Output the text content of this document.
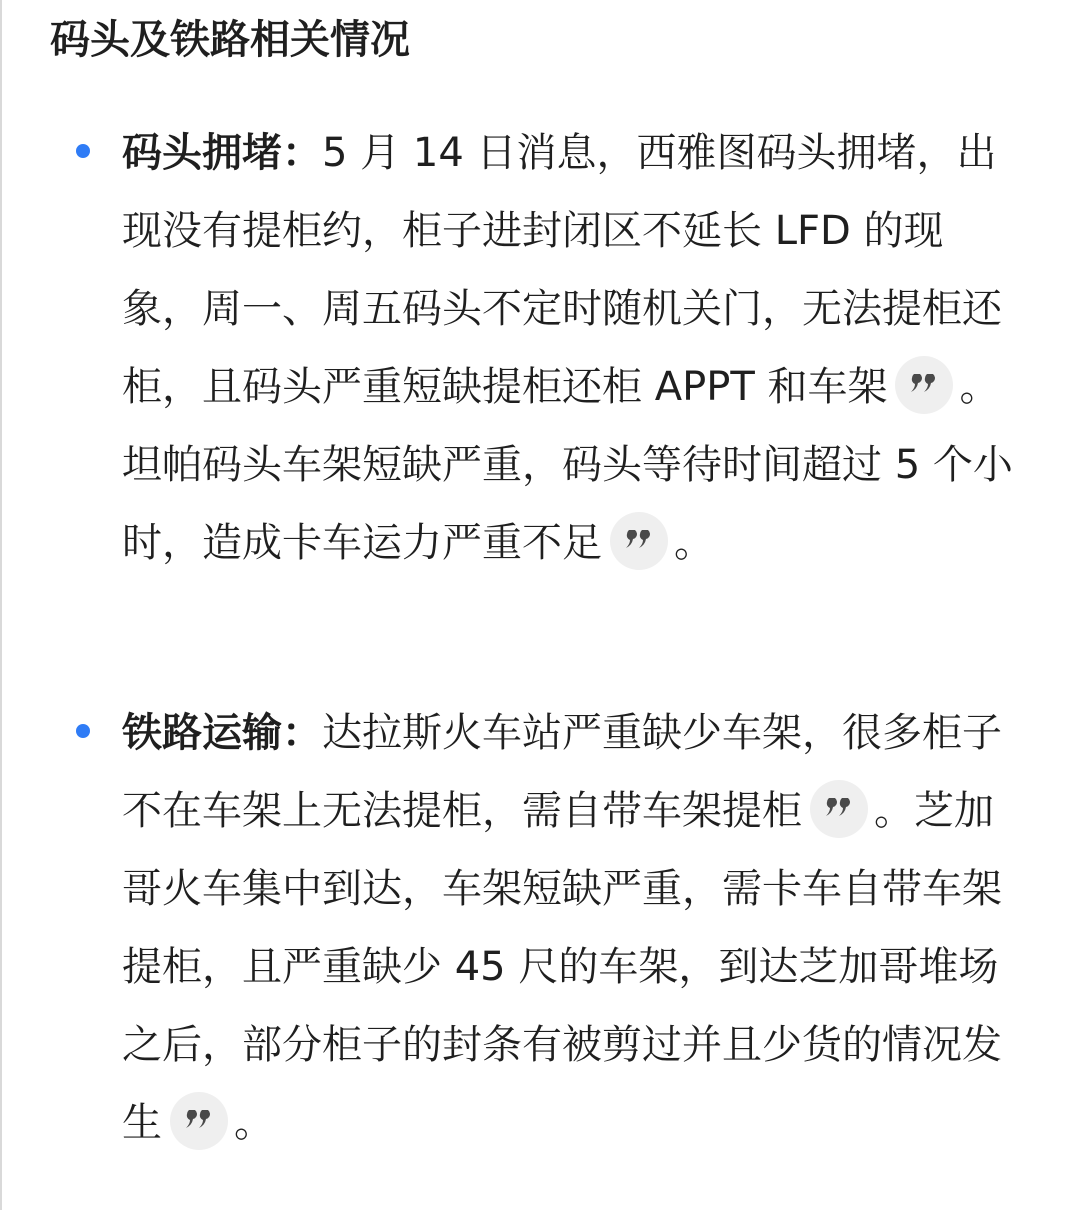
码头及铁路相关情况
码头拥堵：5 月 14 日消息，西雅图码头拥堵，出现没有提柜约，柜子进封闭区不延长 LFD 的现象，周一、周五码头不定时随机关门，无法提柜还柜，且码头严重短缺提柜还柜 APPT 和车架 。坦帕码头车架短缺严重，码头等待时间超过 5 个小时，造成卡车运力严重不足 。
铁路运输：达拉斯火车站严重缺少车架，很多柜子不在车架上无法提柜，需自带车架提柜 。芝加哥火车集中到达，车架短缺严重，需卡车自带车架提柜，且严重缺少 45 尺的车架，到达芝加哥堆场之后，部分柜子的封条有被剪过并且少货的情况发生 。
